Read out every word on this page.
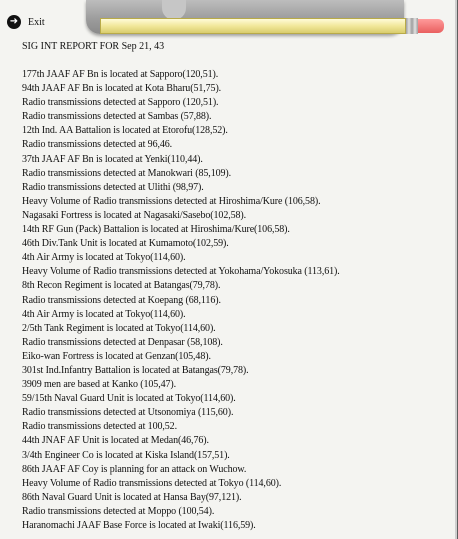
➜ Exit
SIG INT REPORT FOR Sep 21, 43
177th JAAF AF Bn is located at Sapporo(120,51).
94th JAAF AF Bn is located at Kota Bharu(51,75).
Radio transmissions detected at Sapporo (120,51).
Radio transmissions detected at Sambas (57,88).
12th Ind. AA Battalion is located at Etorofu(128,52).
Radio transmissions detected at 96,46.
37th JAAF AF Bn is located at Yenki(110,44).
Radio transmissions detected at Manokwari (85,109).
Radio transmissions detected at Ulithi (98,97).
Heavy Volume of Radio transmissions detected at Hiroshima/Kure (106,58).
Nagasaki Fortress is located at Nagasaki/Sasebo(102,58).
14th RF Gun (Pack) Battalion is located at Hiroshima/Kure(106,58).
46th Div.Tank Unit is located at Kumamoto(102,59).
4th Air Army is located at Tokyo(114,60).
Heavy Volume of Radio transmissions detected at Yokohama/Yokosuka (113,61).
8th Recon Regiment is located at Batangas(79,78).
Radio transmissions detected at Koepang (68,116).
4th Air Army is located at Tokyo(114,60).
2/5th Tank Regiment is located at Tokyo(114,60).
Radio transmissions detected at Denpasar (58,108).
Eiko-wan Fortress is located at Genzan(105,48).
301st Ind.Infantry Battalion is located at Batangas(79,78).
3909 men are based at Kanko (105,47).
59/15th Naval Guard Unit is located at Tokyo(114,60).
Radio transmissions detected at Utsonomiya (115,60).
Radio transmissions detected at 100,52.
44th JNAF AF Unit is located at Medan(46,76).
3/4th Engineer Co is located at Kiska Island(157,51).
86th JAAF AF Coy is planning for an attack on Wuchow.
Heavy Volume of Radio transmissions detected at Tokyo (114,60).
86th Naval Guard Unit is located at Hansa Bay(97,121).
Radio transmissions detected at Moppo (100,54).
Haranomachi JAAF Base Force is located at Iwaki(116,59).
